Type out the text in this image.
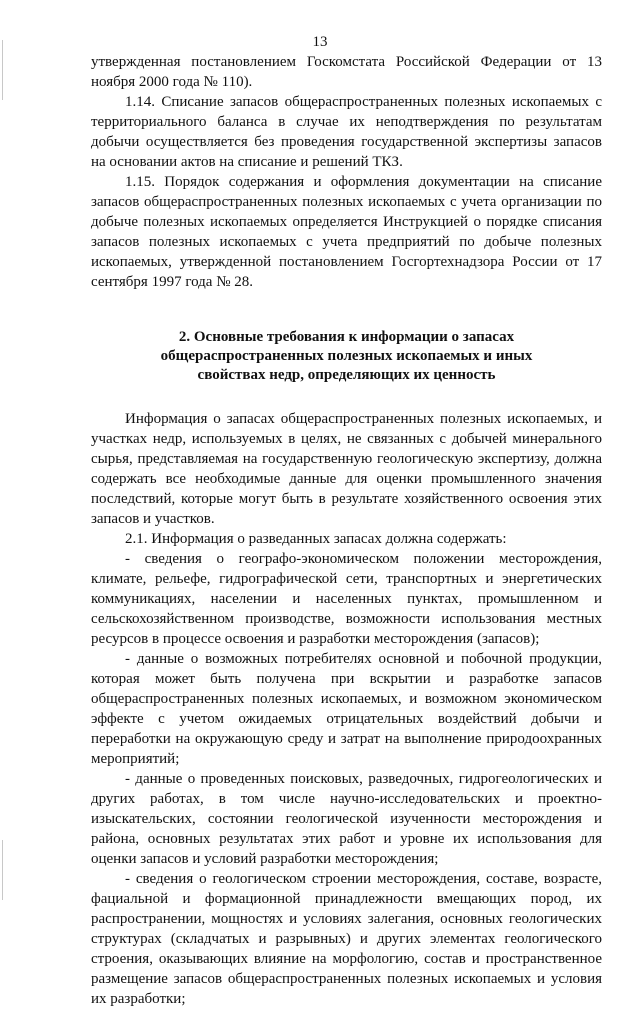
13

утвержденная постановлением Госкомстата Российской Федерации от 13 ноября 2000 года № 110).

1.14. Списание запасов общераспространенных полезных ископаемых с территориального баланса в случае их неподтверждения по результатам добычи осуществляется без проведения государственной экспертизы запасов на основании актов на списание и решений ТКЗ.

1.15. Порядок содержания и оформления документации на списание запасов общераспространенных полезных ископаемых с учета организации по добыче полезных ископаемых определяется Инструкцией о порядке списания запасов полезных ископаемых с учета предприятий по добыче полезных ископаемых, утвержденной постановлением Госгортехнадзора России от 17 сентября 1997 года № 28.

2. Основные требования к информации о запасах
общераспространенных полезных ископаемых и иных
свойствах недр, определяющих их ценность

Информация о запасах общераспространенных полезных ископаемых, и участках недр, используемых в целях, не связанных с добычей минерального сырья, представляемая на государственную геологическую экспертизу, должна содержать все необходимые данные для оценки промышленного значения последствий, которые могут быть в результате хозяйственного освоения этих запасов и участков.

2.1. Информация о разведанных запасах должна содержать:

- сведения о географо-экономическом положении месторождения, климате, рельефе, гидрографической сети, транспортных и энергетических коммуникациях, населении и населенных пунктах, промышленном и сельскохозяйственном производстве, возможности использования местных ресурсов в процессе освоения и разработки месторождения (запасов);

- данные о возможных потребителях основной и побочной продукции, которая может быть получена при вскрытии и разработке запасов общераспространенных полезных ископаемых, и возможном экономическом эффекте с учетом ожидаемых отрицательных воздействий добычи и переработки на окружающую среду и затрат на выполнение природоохранных мероприятий;

- данные о проведенных поисковых, разведочных, гидрогеологических и других работах, в том числе научно-исследовательских и проектно-изыскательских, состоянии геологической изученности месторождения и района, основных результатах этих работ и уровне их использования для оценки запасов и условий разработки месторождения;

- сведения о геологическом строении месторождения, составе, возрасте, фациальной и формационной принадлежности вмещающих пород, их распространении, мощностях и условиях залегания, основных геологических структурах (складчатых и разрывных) и других элементах геологического строения, оказывающих влияние на морфологию, состав и пространственное размещение запасов общераспространенных полезных ископаемых и условия их разработки;
